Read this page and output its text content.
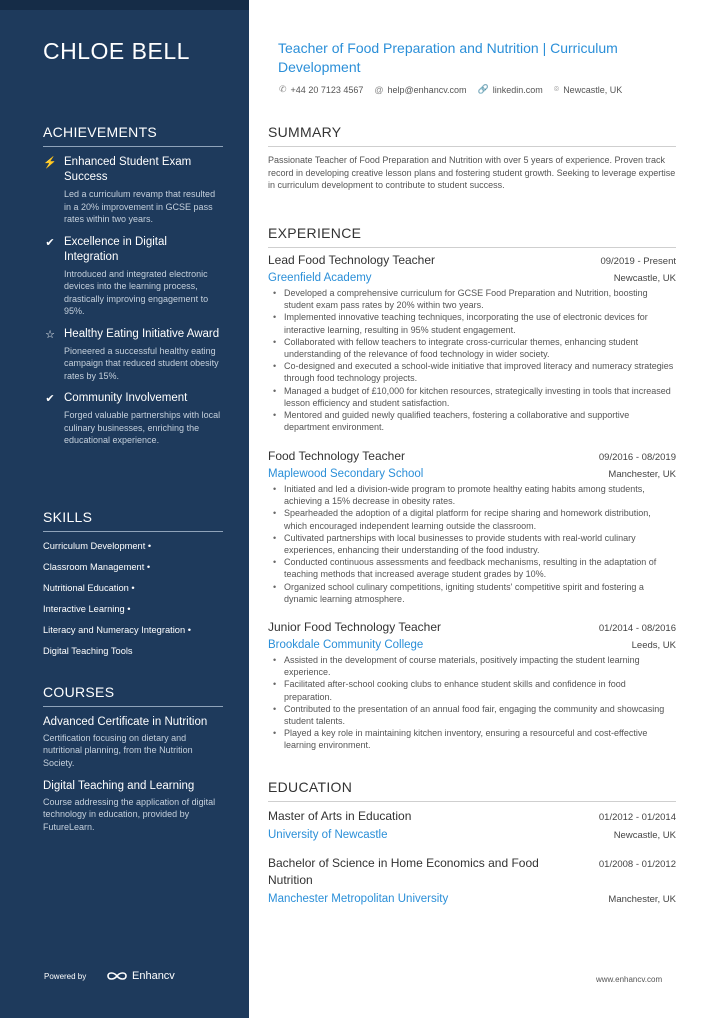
CHLOE BELL
ACHIEVEMENTS
⚡ Enhanced Student Exam Success
Led a curriculum revamp that resulted in a 20% improvement in GCSE pass rates within two years.
✔ Excellence in Digital Integration
Introduced and integrated electronic devices into the learning process, drastically improving engagement to 95%.
☆ Healthy Eating Initiative Award
Pioneered a successful healthy eating campaign that reduced student obesity rates by 15%.
✔ Community Involvement
Forged valuable partnerships with local culinary businesses, enriching the educational experience.
SKILLS
Curriculum Development •
Classroom Management •
Nutritional Education •
Interactive Learning •
Literacy and Numeracy Integration •
Digital Teaching Tools
COURSES
Advanced Certificate in Nutrition
Certification focusing on dietary and nutritional planning, from the Nutrition Society.
Digital Teaching and Learning
Course addressing the application of digital technology in education, provided by FutureLearn.
Powered by	Enhancv
Teacher of Food Preparation and Nutrition | Curriculum Development
✆ +44 20 7123 4567 @ help@enhancv.com 🔗 linkedin.com ⌾ Newcastle, UK
SUMMARY
Passionate Teacher of Food Preparation and Nutrition with over 5 years of experience. Proven track record in developing creative lesson plans and fostering student growth. Seeking to leverage expertise in curriculum development to contribute to student success.
EXPERIENCE
Lead Food Technology Teacher	09/2019 - Present
Greenfield Academy	Newcastle, UK
• Developed a comprehensive curriculum for GCSE Food Preparation and Nutrition, boosting student exam pass rates by 20% within two years.
• Implemented innovative teaching techniques, incorporating the use of electronic devices for interactive learning, resulting in 95% student engagement.
• Collaborated with fellow teachers to integrate cross-curricular themes, enhancing student understanding of the relevance of food technology in wider society.
• Co-designed and executed a school-wide initiative that improved literacy and numeracy strategies through food technology projects.
• Managed a budget of £10,000 for kitchen resources, strategically investing in tools that increased lesson efficiency and student satisfaction.
• Mentored and guided newly qualified teachers, fostering a collaborative and supportive department environment.
Food Technology Teacher	09/2016 - 08/2019
Maplewood Secondary School	Manchester, UK
• Initiated and led a division-wide program to promote healthy eating habits among students, achieving a 15% decrease in obesity rates.
• Spearheaded the adoption of a digital platform for recipe sharing and homework distribution, which encouraged independent learning outside the classroom.
• Cultivated partnerships with local businesses to provide students with real-world culinary experiences, enhancing their understanding of the food industry.
• Conducted continuous assessments and feedback mechanisms, resulting in the adaptation of teaching methods that increased average student grades by 10%.
• Organized school culinary competitions, igniting students' competitive spirit and fostering a dynamic learning atmosphere.
Junior Food Technology Teacher	01/2014 - 08/2016
Brookdale Community College	Leeds, UK
• Assisted in the development of course materials, positively impacting the student learning experience.
• Facilitated after-school cooking clubs to enhance student skills and confidence in food preparation.
• Contributed to the presentation of an annual food fair, engaging the community and showcasing student talents.
• Played a key role in maintaining kitchen inventory, ensuring a resourceful and cost-effective learning environment.
EDUCATION
Master of Arts in Education	01/2012 - 01/2014
University of Newcastle	Newcastle, UK
Bachelor of Science in Home Economics and Food Nutrition
01/2008 - 01/2012
Manchester Metropolitan University	Manchester, UK
www.enhancv.com
